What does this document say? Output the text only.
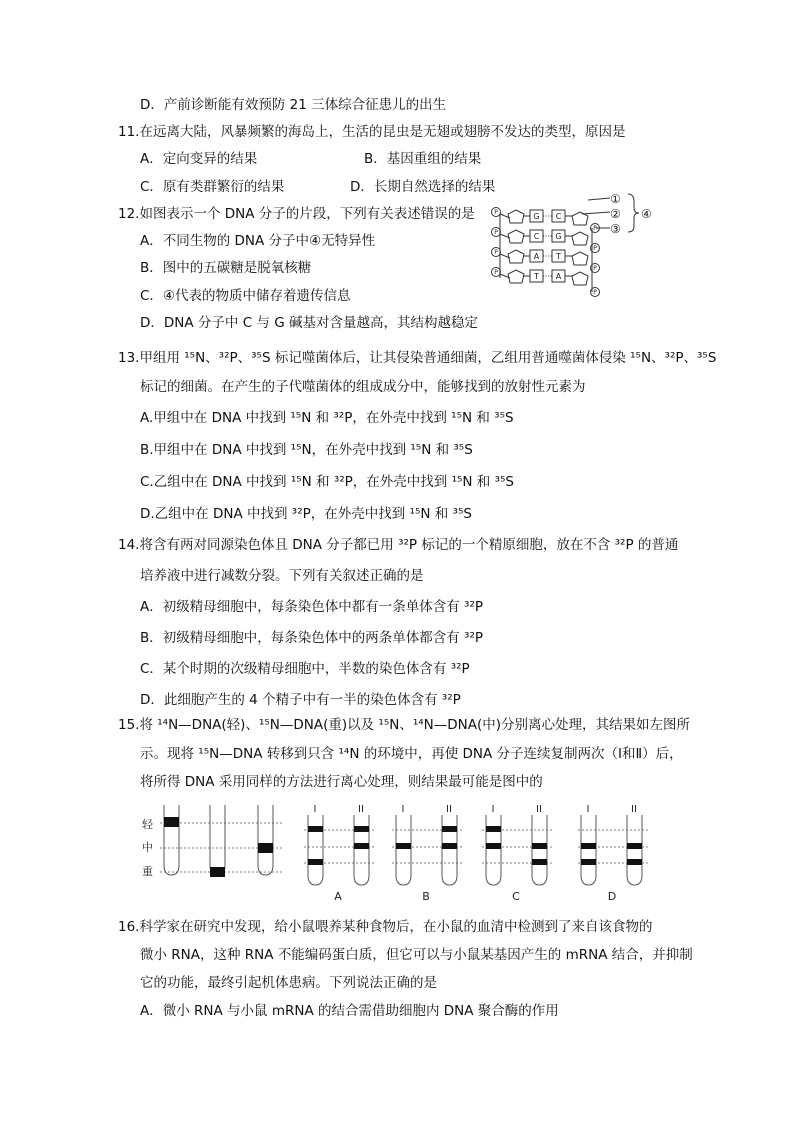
D．产前诊断能有效预防 21 三体综合征患儿的出生
11.在远离大陆，风暴频繁的海岛上，生活的昆虫是无翅或翅膀不发达的类型，原因是
A．定向变异的结果	B．基因重组的结果
C．原有类群繁衍的结果	D．长期自然选择的结果
12.如图表示一个 DNA 分子的片段，下列有关表述错误的是
A．不同生物的 DNA 分子中④无特异性
B．图中的五碳糖是脱氧核糖
C．④代表的物质中储存着遗传信息
D．DNA 分子中 C 与 G 碱基对含量越高，其结构越稳定
P
P
P
P
P
P
P
P
G
C
A
T
C
G
T
A
①
②
③
④
13.甲组用 ¹⁵N、³²P、³⁵S 标记噬菌体后，让其侵染普通细菌，乙组用普通噬菌体侵染 ¹⁵N、³²P、³⁵S
标记的细菌。在产生的子代噬菌体的组成成分中，能够找到的放射性元素为
A.甲组中在 DNA 中找到 ¹⁵N 和 ³²P，在外壳中找到 ¹⁵N 和 ³⁵S
B.甲组中在 DNA 中找到 ¹⁵N，在外壳中找到 ¹⁵N 和 ³⁵S
C.乙组中在 DNA 中找到 ¹⁵N 和 ³²P，在外壳中找到 ¹⁵N 和 ³⁵S
D.乙组中在 DNA 中找到 ³²P，在外壳中找到 ¹⁵N 和 ³⁵S
14.将含有两对同源染色体且 DNA 分子都已用 ³²P 标记的一个精原细胞，放在不含 ³²P 的普通
培养液中进行减数分裂。下列有关叙述正确的是
A．初级精母细胞中，每条染色体中都有一条单体含有 ³²P
B．初级精母细胞中，每条染色体中的两条单体都含有 ³²P
C．某个时期的次级精母细胞中，半数的染色体含有 ³²P
D．此细胞产生的 4 个精子中有一半的染色体含有 ³²P
15.将 ¹⁴N—DNA(轻)、¹⁵N—DNA(重)以及 ¹⁵N、¹⁴N—DNA(中)分别离心处理，其结果如左图所
示。现将 ¹⁵N—DNA 转移到只含 ¹⁴N 的环境中，再使 DNA 分子连续复制两次（Ⅰ和Ⅱ）后，
将所得 DNA 采用同样的方法进行离心处理，则结果最可能是图中的
轻
中
重
I	II	I	II	I	II	I	II
A	B	C	D
16.科学家在研究中发现，给小鼠喂养某种食物后，在小鼠的血清中检测到了来自该食物的
微小 RNA，这种 RNA 不能编码蛋白质，但它可以与小鼠某基因产生的 mRNA 结合，并抑制
它的功能，最终引起机体患病。下列说法正确的是
A．微小 RNA 与小鼠 mRNA 的结合需借助细胞内 DNA 聚合酶的作用
